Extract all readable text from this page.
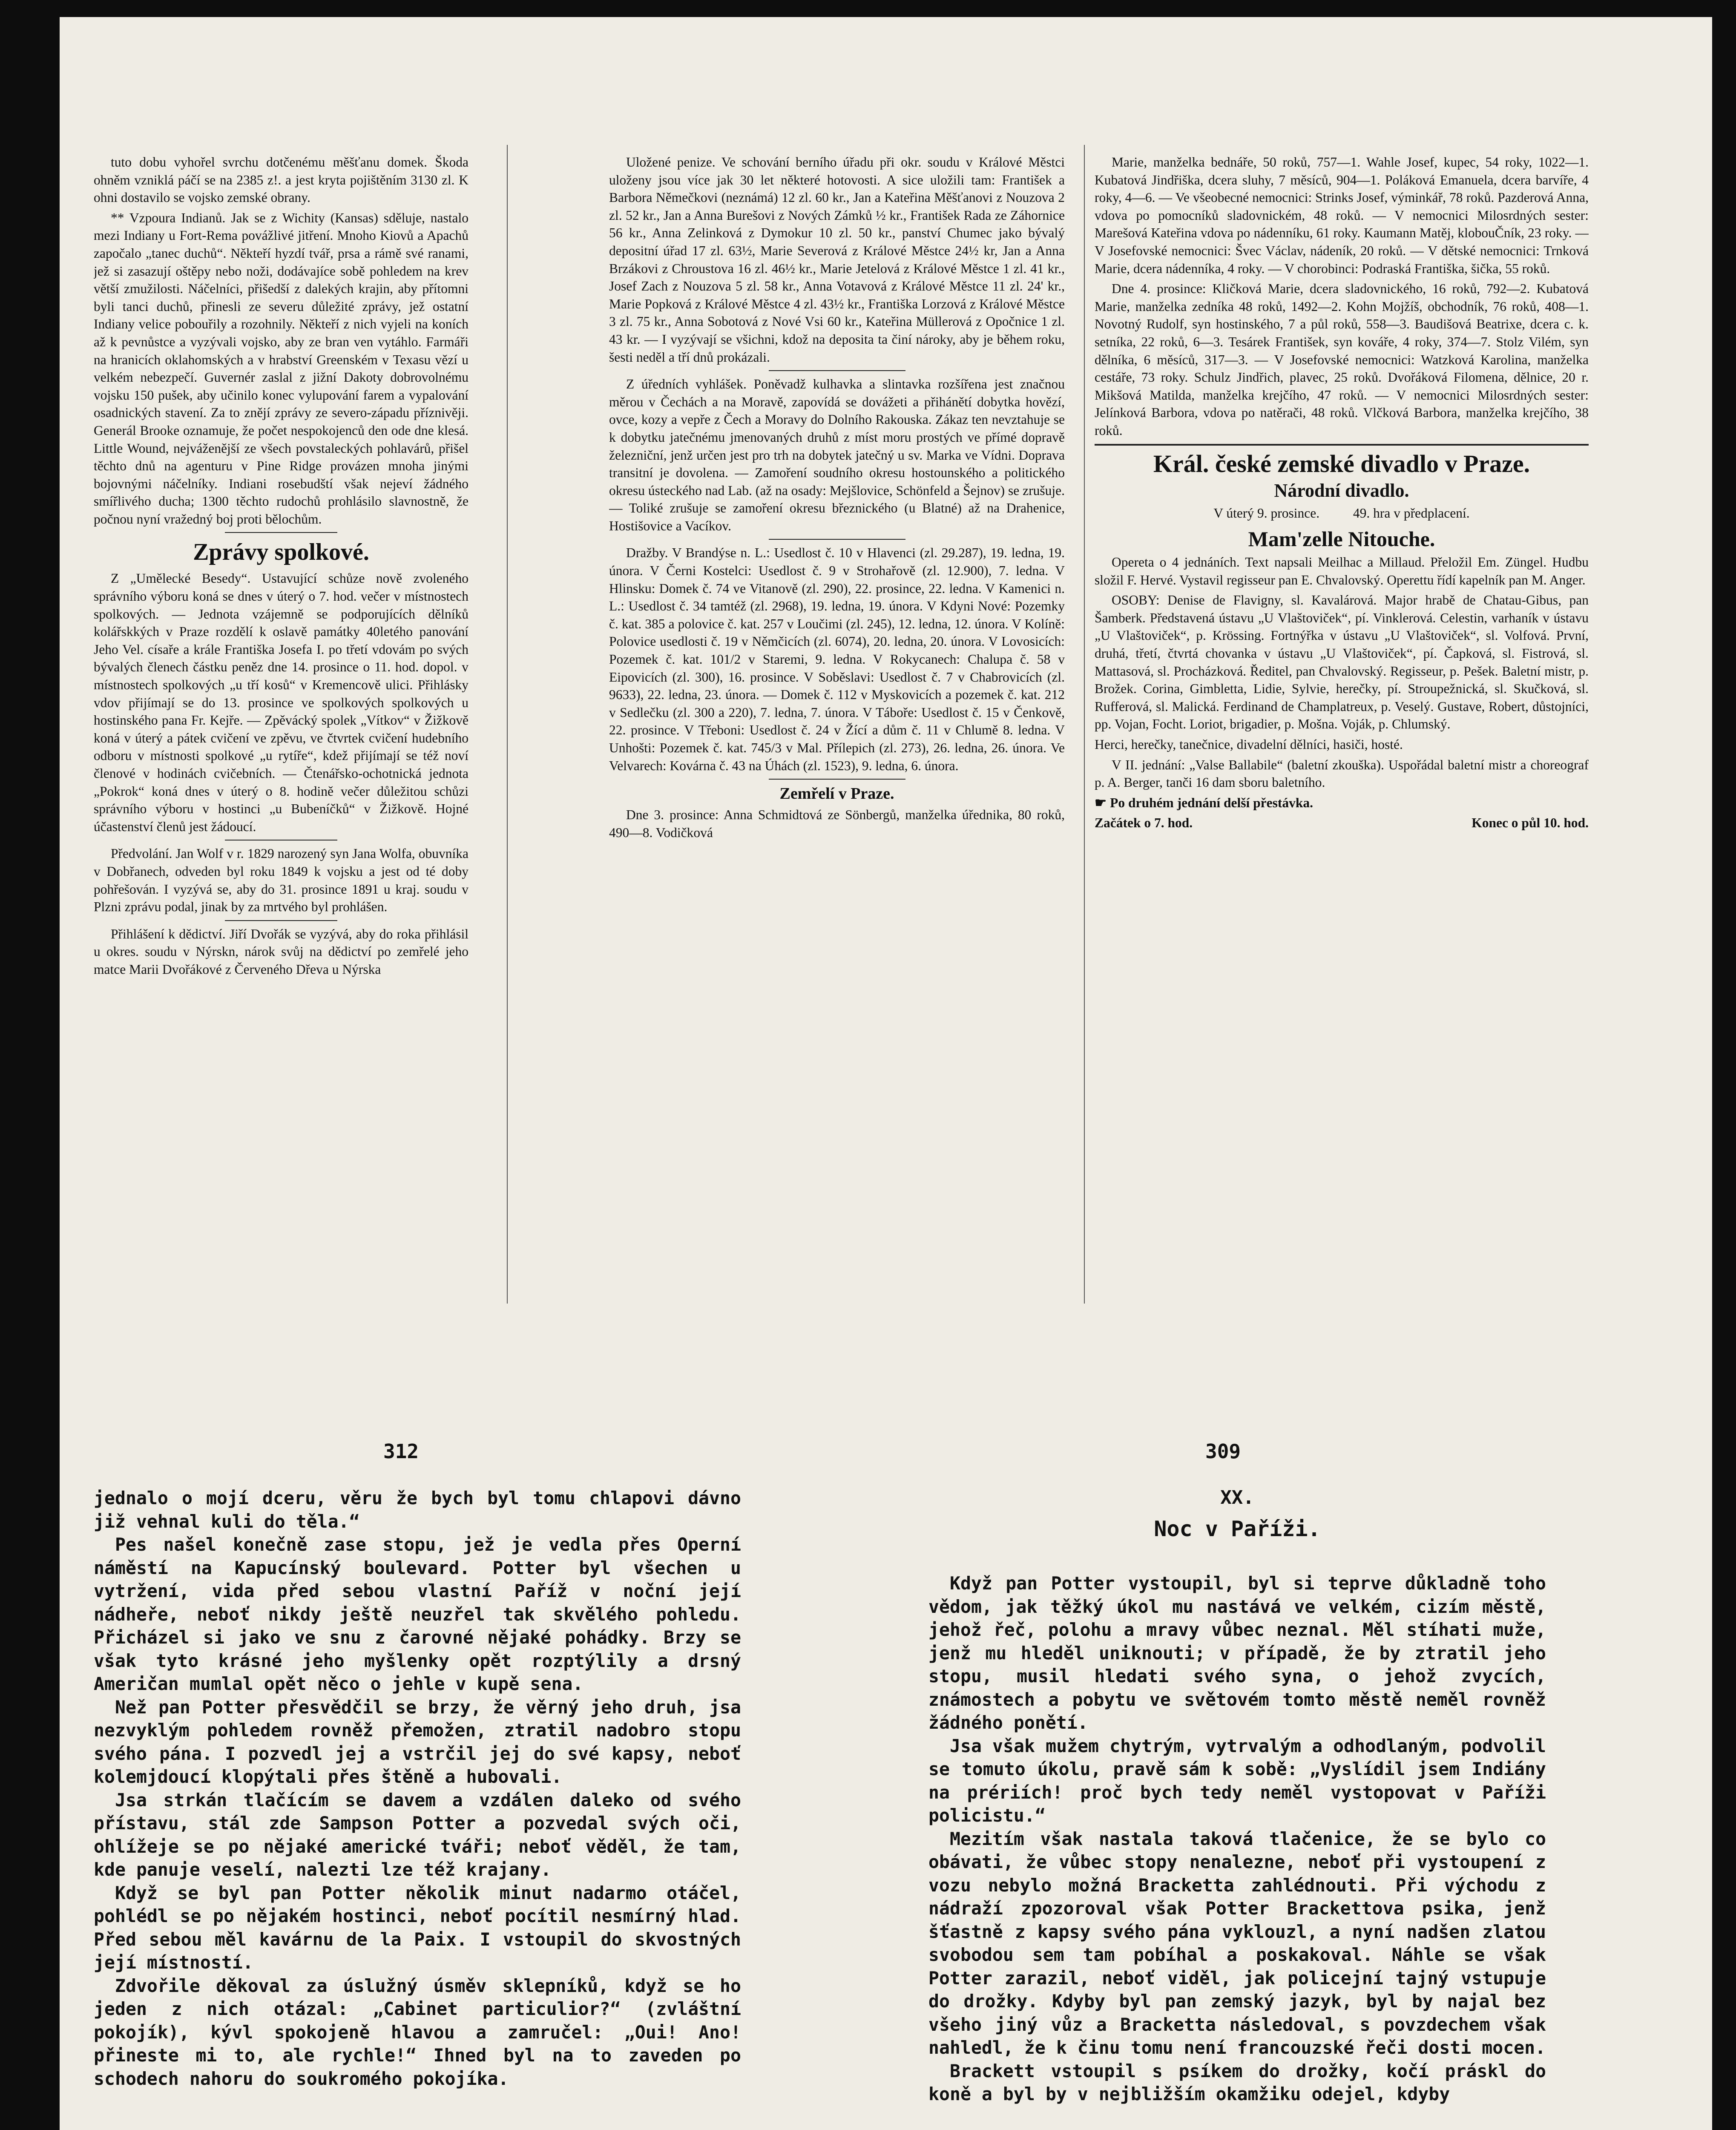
tuto dobu vyhořel svrchu dotčenému měšťanu domek. Škoda ohněm vzniklá páčí se na 2385 z!. a jest kryta pojištěním 3130 zl. K ohni dostavilo se vojsko zemské obrany.

** Vzpoura Indianů. Jak se z Wichity (Kansas) sděluje, nastalo mezi Indiany u Fort-Rema povážlivé jitření. Mnoho Kiovů a Apachů započalo „tanec duchů“. Někteří hyzdí tvář, prsa a rámě své ranami, jež si zasazují oštěpy nebo noži, dodávajíce sobě pohledem na krev větší zmužilosti. Náčelníci, přišedší z dalekých krajin, aby přítomni byli tanci duchů, přinesli ze severu důležité zprávy, jež ostatní Indiany velice pobouřily a rozohnily. Někteří z nich vyjeli na koních až k pevnůstce a vyzývali vojsko, aby ze bran ven vytáhlo. Farmáři na hranicích oklahomských a v hrabství Greenském v Texasu vězí u velkém nebezpečí. Guvernér zaslal z jižní Dakoty dobrovolnému vojsku 150 pušek, aby učinilo konec vylupování farem a vypalování osadnických stavení. Za to znějí zprávy ze severo-západu příznivěji. Generál Brooke oznamuje, že počet nespokojenců den ode dne klesá. Little Wound, nejváženější ze všech povstaleckých pohlavárů, přišel těchto dnů na agenturu v Pine Ridge provázen mnoha jinými bojovnými náčelníky. Indiani rosebudští však nejeví žádného smířlivého ducha; 1300 těchto rudochů prohlásilo slavnostně, že počnou nyní vražedný boj proti bělochům.

Zprávy spolkové.

Z „Umělecké Besedy“. Ustavující schůze nově zvoleného správního výboru koná se dnes v úterý o 7. hod. večer v místnostech spolkových. — Jednota vzájemně se podporujících dělníků kolářskkých v Praze rozdělí k oslavě památky 40letého panování Jeho Vel. císaře a krále Františka Josefa I. po třetí vdovám po svých bývalých členech částku peněz dne 14. prosince o 11. hod. dopol. v místnostech spolkových „u tří kosů“ v Kremencově ulici. Přihlásky vdov přijímají se do 13. prosince ve spolkových spolkových u hostinského pana Fr. Kejře. — Zpěvácký spolek „Vítkov“ v Žižkově koná v úterý a pátek cvičení ve zpěvu, ve čtvrtek cvičení hudebního odboru v místnosti spolkové „u rytíře“, kdež přijímají se též noví členové v hodinách cvičebních. — Čtenářsko-ochotnická jednota „Pokrok“ koná dnes v úterý o 8. hodině večer důležitou schůzi správního výboru v hostinci „u Bubeníčků“ v Žižkově. Hojné účastenství členů jest žádoucí.

Předvolání. Jan Wolf v r. 1829 narozený syn Jana Wolfa, obuvníka v Dobřanech, odveden byl roku 1849 k vojsku a jest od té doby pohřešován. I vyzývá se, aby do 31. prosince 1891 u kraj. soudu v Plzni zprávu podal, jinak by za mrtvého byl prohlášen.

Přihlášení k dědictví. Jiří Dvořák se vyzývá, aby do roka přihlásil u okres. soudu v Nýrskn, nárok svůj na dědictví po zemřelé jeho matce Marii Dvořákové z Červeného Dřeva u Nýrska

Uložené penize. Ve schování berního úřadu při okr. soudu v Králové Městci uloženy jsou více jak 30 let některé hotovosti. A sice uložili tam: František a Barbora Němečkovi (neznámá) 12 zl. 60 kr., Jan a Kateřina Měšťanovi z Nouzova 2 zl. 52 kr., Jan a Anna Burešovi z Nových Zámků ½ kr., František Rada ze Záhornice 56 kr., Anna Zelinková z Dymokur 10 zl. 50 kr., panství Chumec jako bývalý depositní úřad 17 zl. 63½, Marie Severová z Králové Městce 24½ kr, Jan a Anna Brzákovi z Chroustova 16 zl. 46½ kr., Marie Jetelová z Králové Městce 1 zl. 41 kr., Josef Zach z Nouzova 5 zl. 58 kr., Anna Votavová z Králové Městce 11 zl. 24' kr., Marie Popková z Králové Městce 4 zl. 43½ kr., Františka Lorzová z Králové Městce 3 zl. 75 kr., Anna Sobotová z Nové Vsi 60 kr., Kateřina Müllerová z Opočnice 1 zl. 43 kr. — I vyzývají se všichni, kdož na deposita ta činí nároky, aby je během roku, šesti neděl a tří dnů prokázali.

Z úředních vyhlášek. Poněvadž kulhavka a slintavka rozšířena jest značnou měrou v Čechách a na Moravě, zapovídá se dovážeti a přihánětí dobytka hovězí, ovce, kozy a vepře z Čech a Moravy do Dolního Rakouska. Zákaz ten nevztahuje se k dobytku jatečnému jmenovaných druhů z míst moru prostých ve přímé dopravě železniční, jenž určen jest pro trh na dobytek jatečný u sv. Marka ve Vídni. Doprava transitní je dovolena. — Zamoření soudního okresu hostounského a politického okresu ústeckého nad Lab. (až na osady: Mejšlovice, Schönfeld a Šejnov) se zrušuje. — Toliké zrušuje se zamoření okresu březnického (u Blatné) až na Drahenice, Hostišovice a Vacíkov.

Dražby. V Brandýse n. L.: Usedlost č. 10 v Hlavenci (zl. 29.287), 19. ledna, 19. února. V Černi Kostelci: Usedlost č. 9 v Strohařově (zl. 12.900), 7. ledna. V Hlinsku: Domek č. 74 ve Vitanově (zl. 290), 22. prosince, 22. ledna. V Kamenici n. L.: Usedlost č. 34 tamtéž (zl. 2968), 19. ledna, 19. února. V Kdyni Nové: Pozemky č. kat. 385 a polovice č. kat. 257 v Loučimi (zl. 245), 12. ledna, 12. února. V Kolíně: Polovice usedlosti č. 19 v Němčicích (zl. 6074), 20. ledna, 20. února. V Lovosicích: Pozemek č. kat. 101/2 v Staremi, 9. ledna. V Rokycanech: Chalupa č. 58 v Eipovicích (zl. 300), 16. prosince. V Soběslavi: Usedlost č. 7 v Chabrovicích (zl. 9633), 22. ledna, 23. února. — Domek č. 112 v Myskovicích a pozemek č. kat. 212 v Sedlečku (zl. 300 a 220), 7. ledna, 7. února. V Táboře: Usedlost č. 15 v Čenkově, 22. prosince. V Třeboni: Usedlost č. 24 v Žící a dům č. 11 v Chlumě 8. ledna. V Unhošti: Pozemek č. kat. 745/3 v Mal. Přílepich (zl. 273), 26. ledna, 26. února. Ve Velvarech: Kovárna č. 43 na Úhách (zl. 1523), 9. ledna, 6. února.

Zemřelí v Praze.

Dne 3. prosince: Anna Schmidtová ze Sönbergů, manželka úřednika, 80 roků, 490—8. Vodičková

Marie, manželka bednáře, 50 roků, 757—1. Wahle Josef, kupec, 54 roky, 1022—1. Kubatová Jindřiška, dcera sluhy, 7 měsíců, 904—1. Poláková Emanuela, dcera barvíře, 4 roky, 4—6. — Ve všeobecné nemocnici: Strinks Josef, výminkář, 78 roků. Pazderová Anna, vdova po pomocníků sladovnickém, 48 roků. — V nemocnici Milosrdných sester: Marešová Kateřina vdova po nádenníku, 61 roky. Kaumann Matěj, klobouČník, 23 roky. — V Josefovské nemocnici: Švec Václav, nádeník, 20 roků. — V dětské nemocnici: Trnková Marie, dcera nádenníka, 4 roky. — V chorobinci: Podraská Františka, šička, 55 roků.

Dne 4. prosince: Kličková Marie, dcera sladovnického, 16 roků, 792—2. Kubatová Marie, manželka zedníka 48 roků, 1492—2. Kohn Mojžíš, obchodník, 76 roků, 408—1. Novotný Rudolf, syn hostinského, 7 a půl roků, 558—3. Baudišová Beatrixe, dcera c. k. setníka, 22 roků, 6—3. Tesárek František, syn kováře, 4 roky, 374—7. Stolz Vilém, syn dělníka, 6 měsíců, 317—3. — V Josefovské nemocnici: Watzková Karolina, manželka cestáře, 73 roky. Schulz Jindřich, plavec, 25 roků. Dvořáková Filomena, dělnice, 20 r. Mikšová Matilda, manželka krejčího, 47 roků. — V nemocnici Milosrdných sester: Jelínková Barbora, vdova po natěrači, 48 roků. Vlčková Barbora, manželka krejčího, 38 roků.

Král. české zemské divadlo v Praze.
Národní divadlo.
V úterý 9. prosince.          49. hra v předplacení.
Mam'zelle Nitouche.

Opereta o 4 jednáních. Text napsali Meilhac a Millaud. Přeložil Em. Züngel. Hudbu složil F. Hervé. Vystavil regisseur pan E. Chvalovský. Operettu řídí kapelník pan M. Anger.

OSOBY: Denise de Flavigny, sl. Kavalárová. Major hrabě de Chatau-Gibus, pan Šamberk. Představená ústavu „U Vlaštoviček“, pí. Vinklerová. Celestin, varhaník v ústavu „U Vlaštoviček“, p. Krössing. Fortnýřka v ústavu „U Vlaštoviček“, sl. Volfová. První, druhá, třetí, čtvrtá chovanka v ústavu „U Vlaštoviček“, pí. Čapková, sl. Fistrová, sl. Mattasová, sl. Procházková. Ředitel, pan Chvalovský. Regisseur, p. Pešek. Baletní mistr, p. Brožek. Corina, Gimbletta, Lidie, Sylvie, herečky, pí. Stroupežnická, sl. Skučková, sl. Rufferová, sl. Malická. Ferdinand de Champlatreux, p. Veselý. Gustave, Robert, důstojníci, pp. Vojan, Focht. Loriot, brigadier, p. Mošna. Voják, p. Chlumský.

Herci, herečky, tanečnice, divadelní dělníci, hasiči, hosté.

V II. jednání: „Valse Ballabile“ (baletní zkouška). Uspořádal baletní mistr a choreograf p. A. Berger, tanči 16 dam sboru baletního.

☛ Po druhém jednání delší přestávka.

Začátek o 7. hod.	Konec o půl 10. hod.
312	309

jednalo o mojí dceru, věru že bych byl tomu chlapovi dávno již vehnal kuli do těla.“

Pes našel konečně zase stopu, jež je vedla přes Operní náměstí na Kapucínský boulevard. Potter byl všechen u vytržení, vida před sebou vlastní Paříž v noční její nádheře, neboť nikdy ještě neuzřel tak skvělého pohledu. Přicházel si jako ve snu z čarovné nějaké pohádky. Brzy se však tyto krásné jeho myšlenky opět rozptýlily a drsný Američan mumlal opět něco o jehle v kupě sena.

Než pan Potter přesvědčil se brzy, že věrný jeho druh, jsa nezvyklým pohledem rovněž přemožen, ztratil nadobro stopu svého pána. I pozvedl jej a vstrčil jej do své kapsy, neboť kolemjdoucí klopýtali přes štěně a hubovali.

Jsa strkán tlačícím se davem a vzdálen daleko od svého přístavu, stál zde Sampson Potter a pozvedal svých oči, ohlížeje se po nějaké americké tváři; neboť věděl, že tam, kde panuje veselí, nalezti lze též krajany.

Když se byl pan Potter několik minut nadarmo otáčel, pohlédl se po nějakém hostinci, neboť pocítil nesmírný hlad. Před sebou měl kavárnu de la Paix. I vstoupil do skvostných její místností.

Zdvořile děkoval za úslužný úsměv sklepníků, když se ho jeden z nich otázal: „Cabinet particulior?“ (zvláštní pokojík), kývl spokojeně hlavou a zamručel: „Oui! Ano! přineste mi to, ale rychle!“ Ihned byl na to zaveden po schodech nahoru do soukromého pokojíka.

XX.
Noc v Paříži.

Když pan Potter vystoupil, byl si teprve důkladně toho vědom, jak těžký úkol mu nastává ve velkém, cizím městě, jehož řeč, polohu a mravy vůbec neznal. Měl stíhati muže, jenž mu hleděl uniknouti; v případě, že by ztratil jeho stopu, musil hledati svého syna, o jehož zvycích, známostech a pobytu ve světovém tomto městě neměl rovněž žádného ponětí.

Jsa však mužem chytrým, vytrvalým a odhodlaným, podvolil se tomuto úkolu, pravě sám k sobě: „Vyslídil jsem Indiány na prériích! proč bych tedy neměl vystopovat v Paříži policistu.“

Mezitím však nastala taková tlačenice, že se bylo co obávati, že vůbec stopy nenalezne, neboť při vystoupení z vozu nebylo možná Bracketta zahlédnouti. Při východu z nádraží zpozoroval však Potter Brackettova psika, jenž šťastně z kapsy svého pána vyklouzl, a nyní nadšen zlatou svobodou sem tam pobíhal a poskakoval. Náhle se však Potter zarazil, neboť viděl, jak policejní tajný vstupuje do drožky. Kdyby byl pan zemský jazyk, byl by najal bez všeho jiný vůz a Bracketta následoval, s povzdechem však nahledl, že k činu tomu není francouzské řeči dosti mocen.

Brackett vstoupil s psíkem do drožky, kočí práskl do koně a byl by v nejbližším okamžiku odejel, kdyby
